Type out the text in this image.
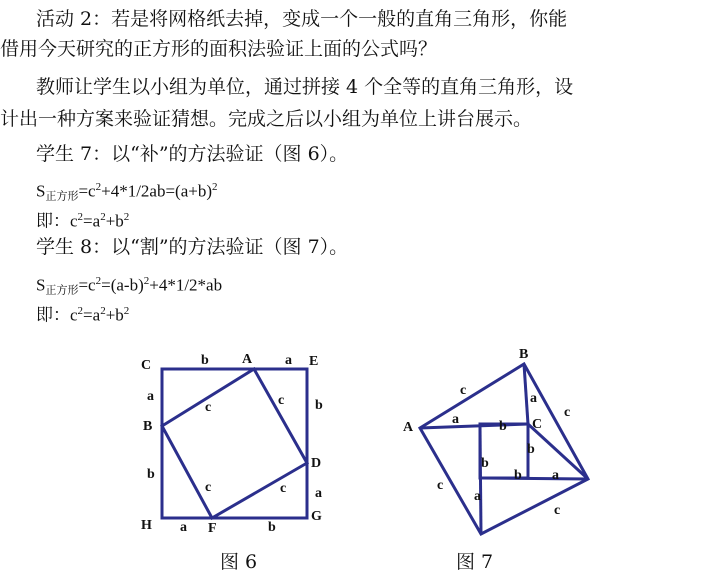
活动 2：若是将网格纸去掉，变成一个一般的直角三角形，你能
借用今天研究的正方形的面积法验证上面的公式吗？
教师让学生以小组为单位，通过拼接 4 个全等的直角三角形，设
计出一种方案来验证猜想。完成之后以小组为单位上讲台展示。
学生 7：以“补”的方法验证（图 6）。
$S_{正方形}=c^2+4*1/2ab=(a+b)^2$
即：$c^2=a^2+b^2$
学生 8：以“割”的方法验证（图 7）。
$S_{正方形}=c^2=(a-b)^2+4*1/2*ab$
即：$c^2=a^2+b^2$
C	A	E
B
D
H	F
G
b	a
a
b
b
a
a	b
c	c
c	c
图 6
B
A	C
c
a	c
a
b
b
c
b
a
a
c
b
图 7
